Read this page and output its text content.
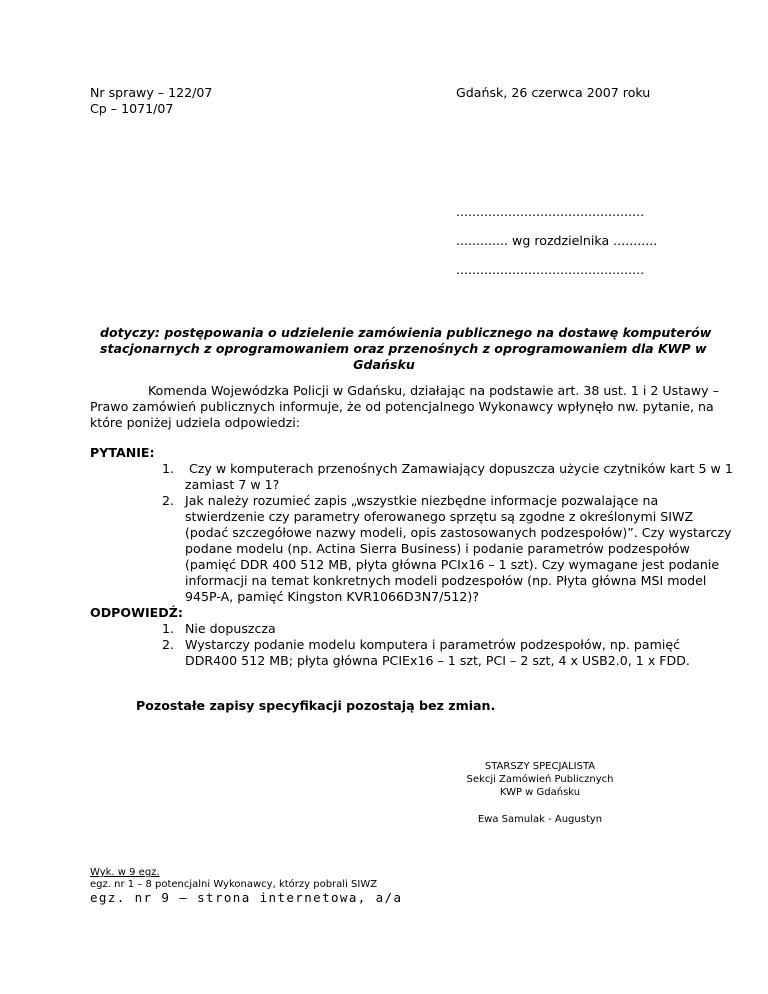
Nr sprawy – 122/07
Cp – 1071/07
Gdańsk, 26 czerwca 2007 roku
...............................................
............. wg rozdzielnika ...........
...............................................
dotyczy: postępowania o udzielenie zamówienia publicznego na dostawę komputerów
stacjonarnych z oprogramowaniem oraz przenośnych z oprogramowaniem dla KWP w
Gdańsku
Komenda Wojewódzka Policji w Gdańsku, działając na podstawie art. 38 ust. 1 i 2 Ustawy –
Prawo zamówień publicznych informuje, że od potencjalnego Wykonawcy wpłynęło nw. pytanie, na
które poniżej udziela odpowiedzi:
PYTANIE:
1. Czy w komputerach przenośnych Zamawiający dopuszcza użycie czytników kart 5 w 1
zamiast 7 w 1?
2. Jak należy rozumieć zapis „wszystkie niezbędne informacje pozwalające na
stwierdzenie czy parametry oferowanego sprzętu są zgodne z określonymi SIWZ
(podać szczegółowe nazwy modeli, opis zastosowanych podzespołów)”. Czy wystarczy
podane modelu (np. Actina Sierra Business) i podanie parametrów podzespołów
(pamięć DDR 400 512 MB, płyta główna PCIx16 – 1 szt). Czy wymagane jest podanie
informacji na temat konkretnych modeli podzespołów (np. Płyta główna MSI model
945P-A, pamięć Kingston KVR1066D3N7/512)?
ODPOWIEDŹ:
1. Nie dopuszcza
2. Wystarczy podanie modelu komputera i parametrów podzespołów, np. pamięć
DDR400 512 MB; płyta główna PCIEx16 – 1 szt, PCI – 2 szt, 4 x USB2.0, 1 x FDD.
Pozostałe zapisy specyfikacji pozostają bez zmian.
STARSZY SPECJALISTA
Sekcji Zamówień Publicznych
KWP w Gdańsku
Ewa Samulak - Augustyn
Wyk. w 9 egz.
egz. nr 1 – 8 potencjalni Wykonawcy, którzy pobrali SIWZ
egz. nr 9 – strona internetowa, a/a
